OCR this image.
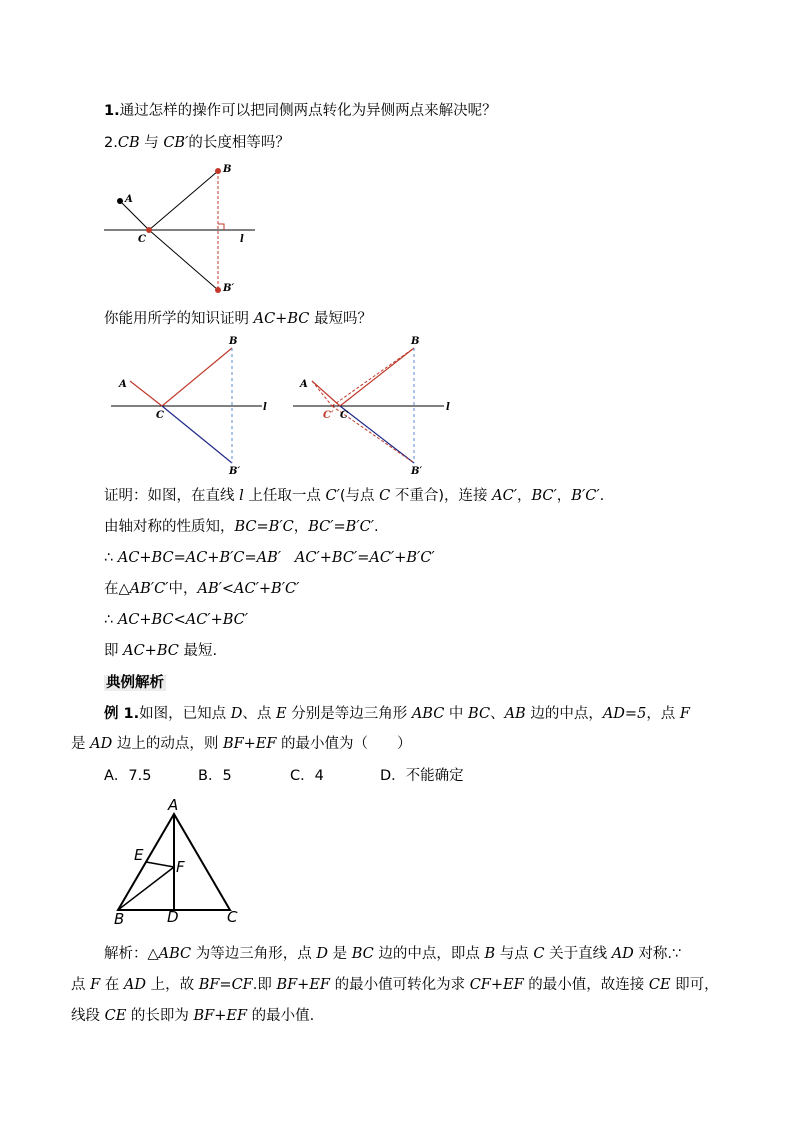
1.通过怎样的操作可以把同侧两点转化为异侧两点来解决呢？
2.CB 与 CB′的长度相等吗？
A
B
C
B′
l
你能用所学的知识证明 AC+BC 最短吗？
A
B
C
B′
l
A
B
C′ C
B′
l
证明：如图，在直线 l 上任取一点 C′(与点 C 不重合)，连接 AC′，BC′，B′C′.
由轴对称的性质知，BC=B′C，BC′=B′C′.
∴ AC+BC=AC+B′C=AB′ AC′+BC′=AC′+B′C′
在△AB′C′中，AB′<AC′+B′C′
∴ AC+BC<AC′+BC′
即 AC+BC 最短.
典例解析
例 1.如图，已知点 D、点 E 分别是等边三角形 ABC 中 BC、AB 边的中点，AD=5，点 F
是 AD 边上的动点，则 BF+EF 的最小值为（　　）
A．7.5	B．5	C．4	D．不能确定
A
E
F
B	D	C
解析：△ABC 为等边三角形，点 D 是 BC 边的中点，即点 B 与点 C 关于直线 AD 对称.∵
点 F 在 AD 上，故 BF=CF.即 BF+EF 的最小值可转化为求 CF+EF 的最小值，故连接 CE 即可，
线段 CE 的长即为 BF+EF 的最小值.
